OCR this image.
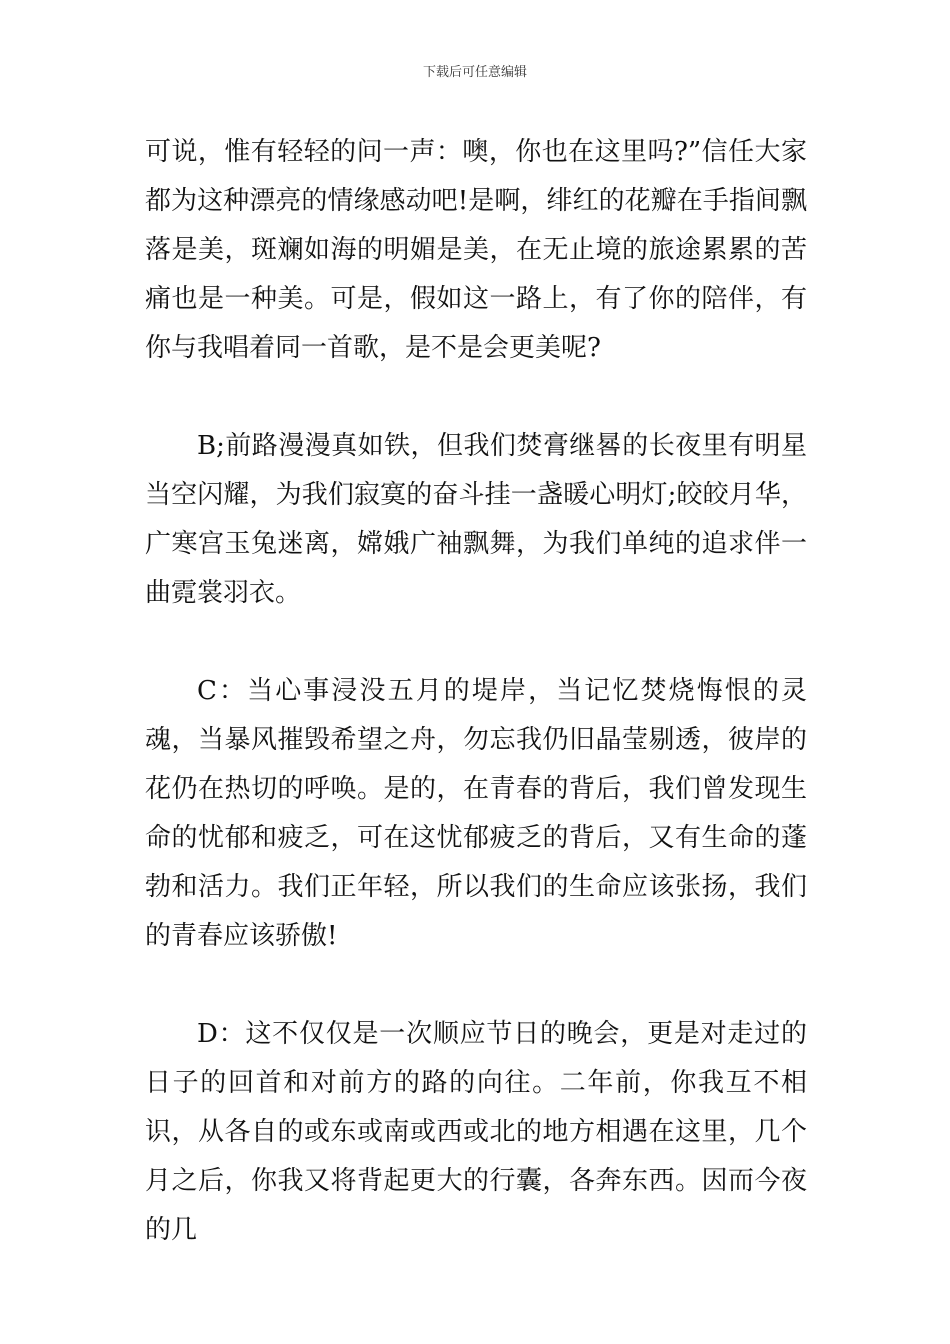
下载后可任意编辑

可说，惟有轻轻的问一声：噢，你也在这里吗?”信任大家都为这种漂亮的情缘感动吧!是啊，绯红的花瓣在手指间飘落是美，斑斓如海的明媚是美，在无止境的旅途累累的苦痛也是一种美。可是，假如这一路上，有了你的陪伴，有你与我唱着同一首歌，是不是会更美呢?

B;前路漫漫真如铁，但我们焚膏继晷的长夜里有明星当空闪耀，为我们寂寞的奋斗挂一盏暖心明灯;皎皎月华，广寒宫玉兔迷离，嫦娥广袖飘舞，为我们单纯的追求伴一曲霓裳羽衣。

C：当心事浸没五月的堤岸，当记忆焚烧悔恨的灵魂，当暴风摧毁希望之舟，勿忘我仍旧晶莹剔透，彼岸的花仍在热切的呼唤。是的，在青春的背后，我们曾发现生命的忧郁和疲乏，可在这忧郁疲乏的背后，又有生命的蓬勃和活力。我们正年轻，所以我们的生命应该张扬，我们的青春应该骄傲!

D：这不仅仅是一次顺应节日的晚会，更是对走过的日子的回首和对前方的路的向往。二年前，你我互不相识，从各自的或东或南或西或北的地方相遇在这里，几个月之后，你我又将背起更大的行囊，各奔东西。因而今夜的几
